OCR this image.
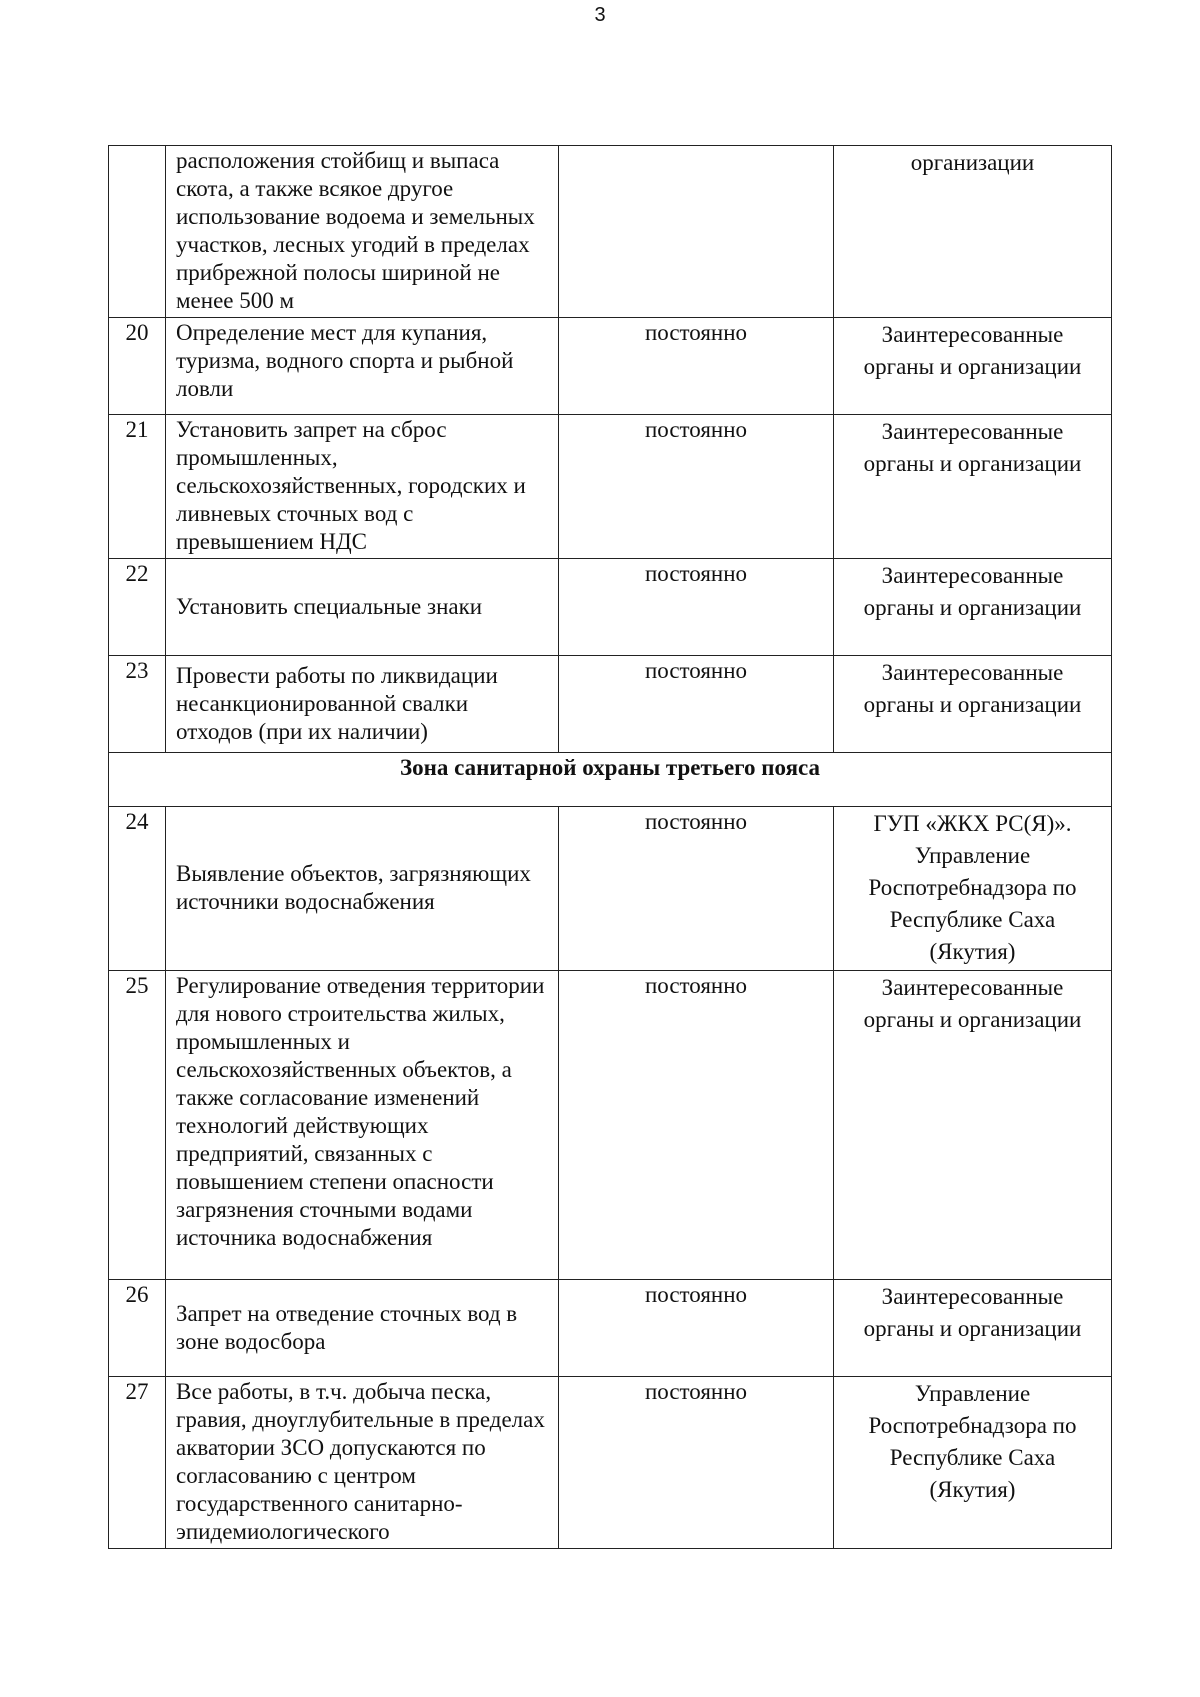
3
	расположения стойбищ и выпаса скота, а также всякое другое использование водоема и земельных участков, лесных угодий в пределах прибрежной полосы шириной не менее 500 м		организации
20	Определение мест для купания, туризма, водного спорта и рыбной ловли	постоянно	Заинтересованные органы и организации
21	Установить запрет на сброс промышленных, сельскохозяйственных, городских и ливневых сточных вод с превышением НДС	постоянно	Заинтересованные органы и организации
22	Установить специальные знаки	постоянно	Заинтересованные органы и организации
23	Провести работы по ликвидации несанкционированной свалки отходов (при их наличии)	постоянно	Заинтересованные органы и организации
Зона санитарной охраны третьего пояса			
24	Выявление объектов, загрязняющих источники водоснабжения	постоянно	ГУП «ЖКХ РС(Я)». Управление Роспотребнадзора по Республике Саха (Якутия)
25	Регулирование отведения территории для нового строительства жилых, промышленных и сельскохозяйственных объектов, а также согласование изменений технологий действующих предприятий, связанных с повышением степени опасности загрязнения сточными водами источника водоснабжения	постоянно	Заинтересованные органы и организации
26	Запрет на отведение сточных вод в зоне водосбора	постоянно	Заинтересованные органы и организации
27	Все работы, в т.ч. добыча песка, гравия, дноуглубительные в пределах акватории ЗСО допускаются по согласованию с центром государственного санитарно-эпидемиологического	постоянно	Управление Роспотребнадзора по Республике Саха (Якутия)
